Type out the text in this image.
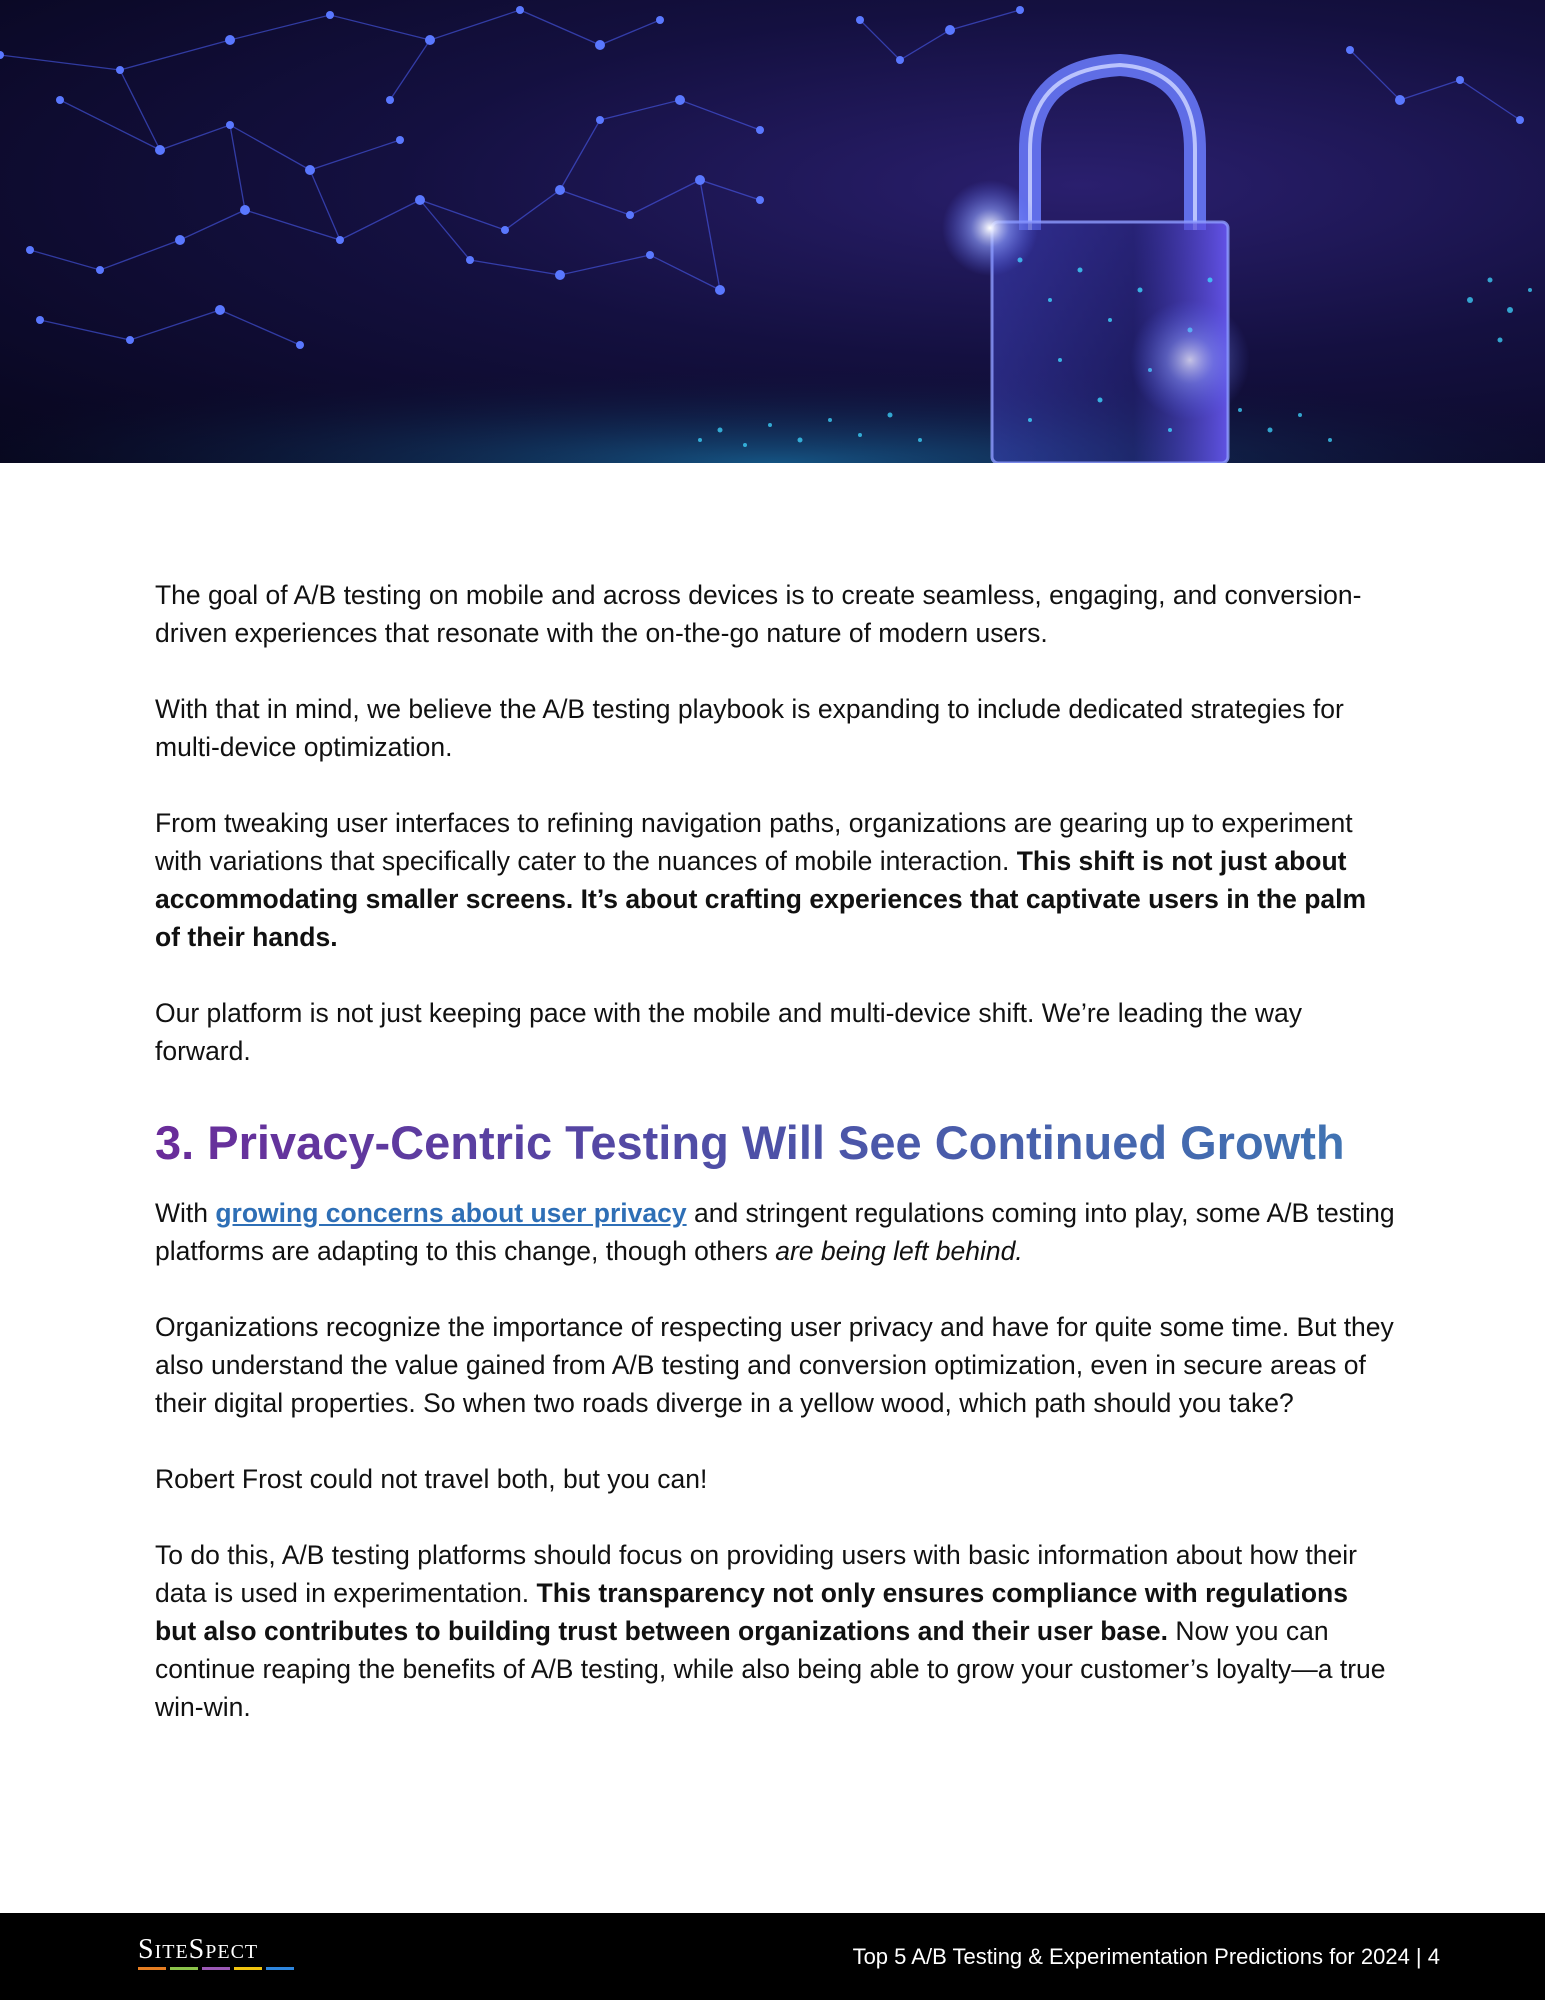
The goal of A/B testing on mobile and across devices is to create seamless, engaging, and conversion-driven experiences that resonate with the on-the-go nature of modern users.

With that in mind, we believe the A/B testing playbook is expanding to include dedicated strategies for multi-device optimization.

From tweaking user interfaces to refining navigation paths, organizations are gearing up to experiment with variations that specifically cater to the nuances of mobile interaction. This shift is not just about accommodating smaller screens. It’s about crafting experiences that captivate users in the palm of their hands.

Our platform is not just keeping pace with the mobile and multi-device shift. We’re leading the way forward.

3. Privacy-Centric Testing Will See Continued Growth

With growing concerns about user privacy and stringent regulations coming into play, some A/B testing platforms are adapting to this change, though others are being left behind.

Organizations recognize the importance of respecting user privacy and have for quite some time. But they also understand the value gained from A/B testing and conversion optimization, even in secure areas of their digital properties. So when two roads diverge in a yellow wood, which path should you take?

Robert Frost could not travel both, but you can!

To do this, A/B testing platforms should focus on providing users with basic information about how their data is used in experimentation. This transparency not only ensures compliance with regulations but also contributes to building trust between organizations and their user base. Now you can continue reaping the benefits of A/B testing, while also being able to grow your customer’s loyalty—a true win-win.

SiteSpect	Top 5 A/B Testing & Experimentation Predictions for 2024 | 4
